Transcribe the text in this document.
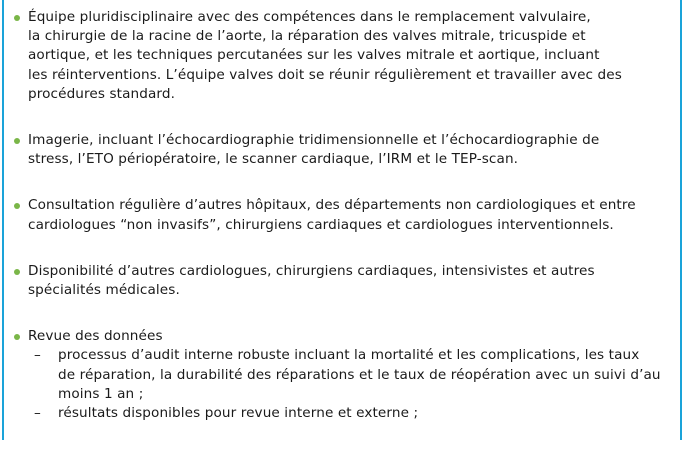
Équipe pluridisciplinaire avec des compétences dans le remplacement valvulaire,

la chirurgie de la racine de l’aorte, la réparation des valves mitrale, tricuspide et

aortique, et les techniques percutanées sur les valves mitrale et aortique, incluant

les réinterventions. L’équipe valves doit se réunir régulièrement et travailler avec des

procédures standard.

Imagerie, incluant l’échocardiographie tridimensionnelle et l’échocardiographie de

stress, l’ETO périopératoire, le scanner cardiaque, l’IRM et le TEP-scan.

Consultation régulière d’autres hôpitaux, des départements non cardiologiques et entre

cardiologues “non invasifs”, chirurgiens cardiaques et cardiologues interventionnels.

Disponibilité d’autres cardiologues, chirurgiens cardiaques, intensivistes et autres

spécialités médicales.

Revue des données

– processus d’audit interne robuste incluant la mortalité et les complications, les taux

de réparation, la durabilité des réparations et le taux de réopération avec un suivi d’au

moins 1 an ;

– résultats disponibles pour revue interne et externe ;
